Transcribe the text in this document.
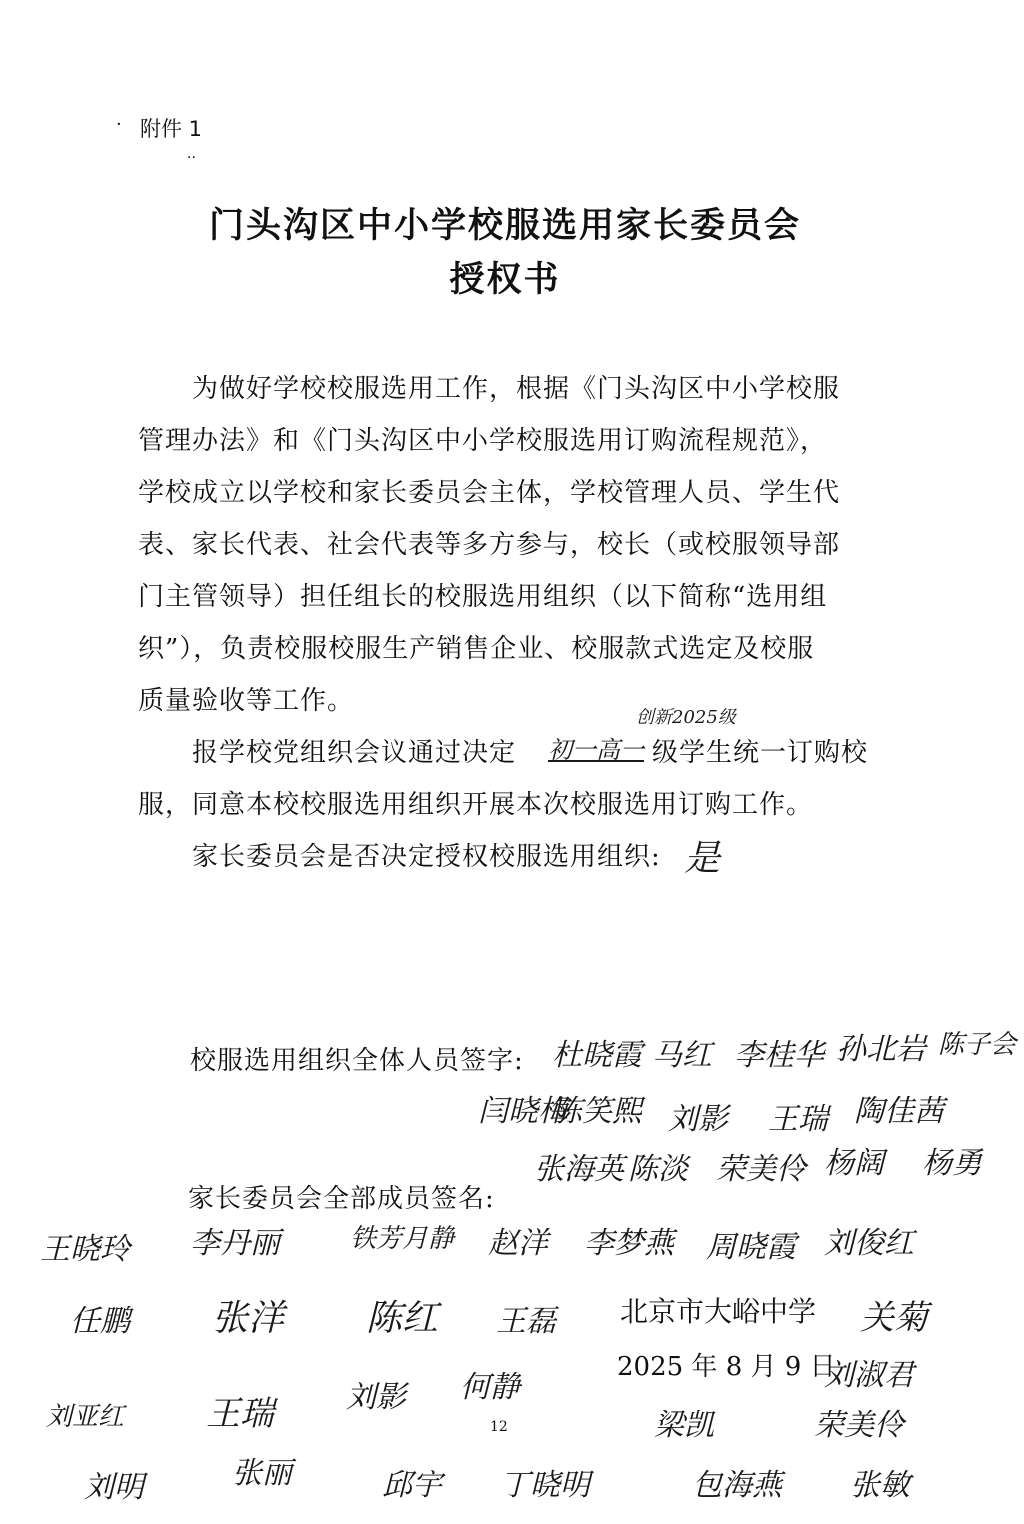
· 附件 1
··
门头沟区中小学校服选用家长委员会
授权书
为做好学校校服选用工作，根据《门头沟区中小学校服
管理办法》和《门头沟区中小学校服选用订购流程规范》，
学校成立以学校和家长委员会主体，学校管理人员、学生代
表、家长代表、社会代表等多方参与，校长（或校服领导部
门主管领导）担任组长的校服选用组织（以下简称“选用组
织”），负责校服校服生产销售企业、校服款式选定及校服
质量验收等工作。
报学校党组织会议通过决定 初一高一
创新2025级
级学生统一订购校
服，同意本校校服选用组织开展本次校服选用订购工作。
家长委员会是否决定授权校服选用组织: 是
校服选用组织全体人员签字: 杜晓霞 马红 李桂华 孙北岩 陈子会
闫晓梅
陈笑熙 刘影 王瑞 陶佳茜
张海英 陈淡 荣美伶 杨阔 杨勇
家长委员会全部成员签名:
王晓玲 李丹丽	铁芳月静 赵洋 李梦燕 周晓霞 刘俊红
任鹏 张洋 陈红 王磊	关菊
北京市大峪中学
2025 年 8 月 9 日
刘亚红 王瑞 刘影 何静	刘淑君
12
刘明
梁凯	荣美伶
张丽	邱宇 丁晓明	包海燕 张敏
